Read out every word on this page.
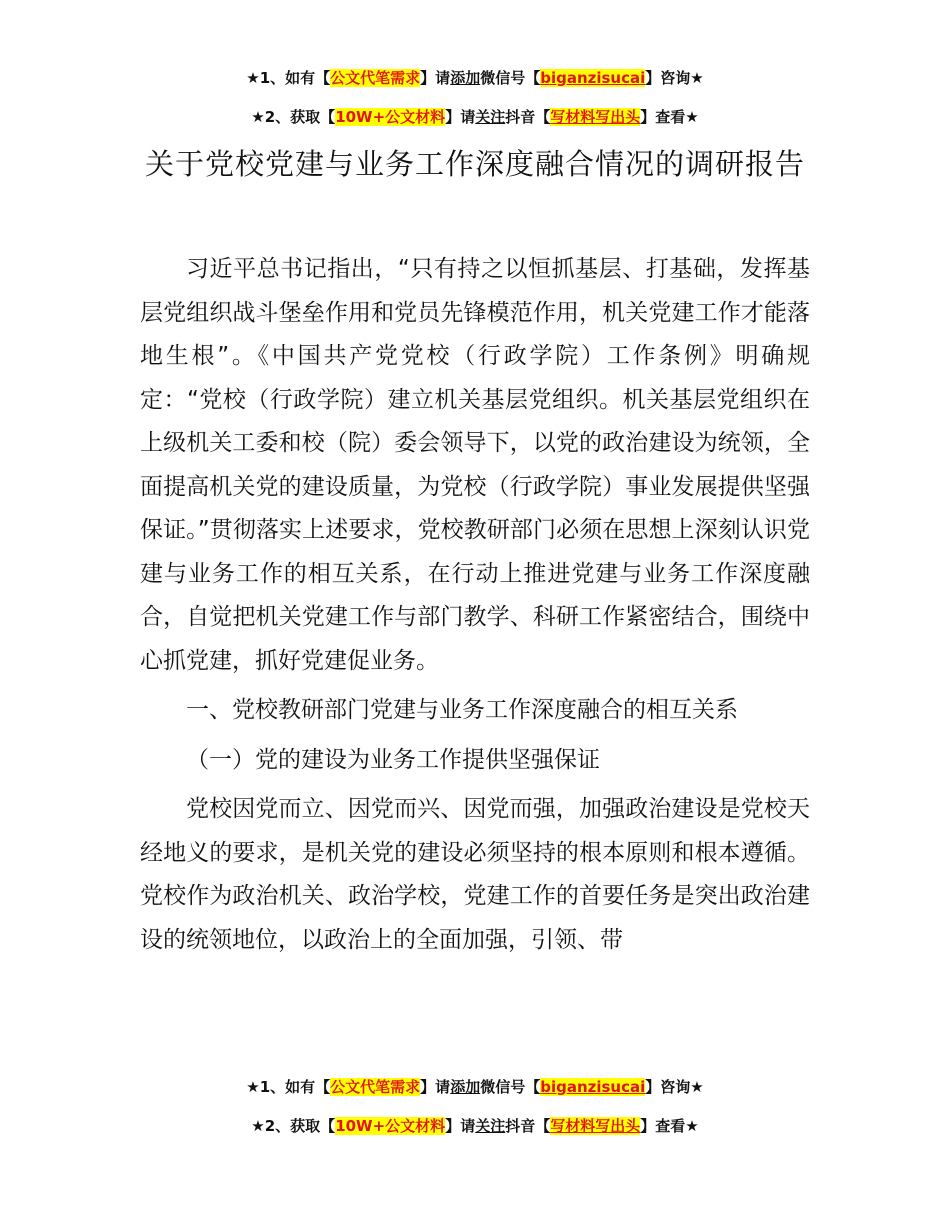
★1、如有【公文代笔需求】请添加微信号【biganzisucai】咨询★
★2、获取【10W+公文材料】请关注抖音【写材料写出头】查看★
关于党校党建与业务工作深度融合情况的调研报告

习近平总书记指出，“只有持之以恒抓基层、打基础，发挥基层党组织战斗堡垒作用和党员先锋模范作用，机关党建工作才能落地生根”。《中国共产党党校（行政学院）工作条例》明确规定：“党校（行政学院）建立机关基层党组织。机关基层党组织在上级机关工委和校（院）委会领导下，以党的政治建设为统领，全面提高机关党的建设质量，为党校（行政学院）事业发展提供坚强保证。”贯彻落实上述要求，党校教研部门必须在思想上深刻认识党建与业务工作的相互关系，在行动上推进党建与业务工作深度融合，自觉把机关党建工作与部门教学、科研工作紧密结合，围绕中心抓党建，抓好党建促业务。

一、党校教研部门党建与业务工作深度融合的相互关系

（一）党的建设为业务工作提供坚强保证

党校因党而立、因党而兴、因党而强，加强政治建设是党校天经地义的要求，是机关党的建设必须坚持的根本原则和根本遵循。党校作为政治机关、政治学校，党建工作的首要任务是突出政治建设的统领地位，以政治上的全面加强，引领、带

★1、如有【公文代笔需求】请添加微信号【biganzisucai】咨询★
★2、获取【10W+公文材料】请关注抖音【写材料写出头】查看★
